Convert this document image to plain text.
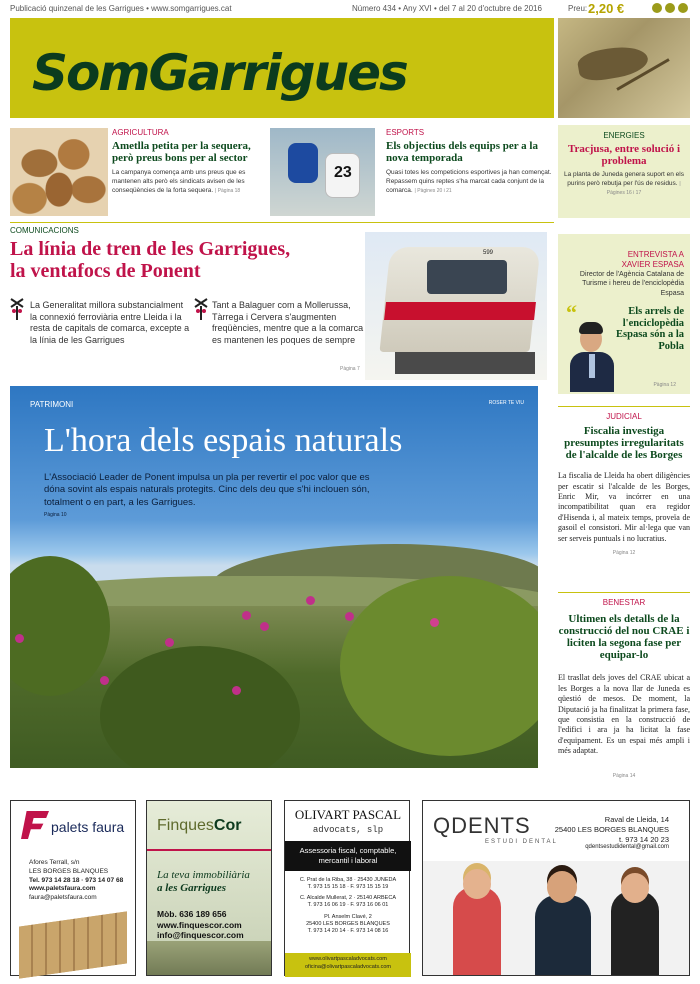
Publicació quinzenal de les Garrigues • www.somgarrigues.cat	Número 434 • Any XVI • del 7 al 20 d'octubre de 2016	Preu: 2,20 €
SomGarrigues
AGRICULTURA
Ametlla petita per la sequera, però preus bons per al sector
La campanya comença amb uns preus que es mantenen alts però els sindicats avisen de les conseqüències de la forta sequera. | Pàgina 18
23
ESPORTS
Els objectius dels equips per a la nova temporada
Quasi totes les competicions esportives ja han començat. Repassem quins reptes s'ha marcat cada conjunt de la comarca. | Pàgines 20 i 21
ENERGIES
Tracjusa, entre solució i problema
La planta de Juneda genera suport en els purins però rebutja per l'ús de residus. | Pàgines 16 i 17
COMUNICACIONS
La línia de tren de les Garrigues,
la ventafocs de Ponent
La Generalitat millora substancialment la connexió ferroviària entre Lleida i la resta de capitals de comarca, excepte a la línia de les Garrigues
Tant a Balaguer com a Mollerussa, Tàrrega i Cervera s'augmenten freqüències, mentre que a la comarca es mantenen les poques de sempre
Pàgina 7
599	ENTREVISTA A
XAVIER ESPASA
Director de l'Agència Catalana de Turisme i hereu de l'enciclopèdia Espasa
“	Els arrels de l'enciclopèdia Espasa són a la Pobla
Pàgina 12
PATRIMONI	ROSER TE VIU
L'hora dels espais naturals
L'Associació Leader de Ponent impulsa un pla per revertir el poc valor que es dóna sovint als espais naturals protegits. Cinc dels deu que s'hi inclouen són, totalment o en part, a les Garrigues.
Pàgina 10
JUDICIAL
Fiscalia investiga presumptes irregularitats de l'alcalde de les Borges
La fiscalia de Lleida ha obert diligències per escatir si l'alcalde de les Borges, Enric Mir, va incórrer en una incompatibilitat quan era regidor d'Hisenda i, al mateix temps, proveïa de gasoil el consistori. Mir al·lega que van ser serveis puntuals i no lucratius.
Pàgina 12
BENESTAR
Ultimen els detalls de la construcció del nou CRAE i liciten la segona fase per equipar-lo
El trasllat dels joves del CRAE ubicat a les Borges a la nova llar de Juneda es qüestió de mesos. De moment, la Diputació ja ha finalitzat la primera fase, que consistia en la construcció de l'edifici i ara ja ha licitat la fase d'equipament. Es un espai més ampli i més adaptat.
Pàgina 14
palets faura
Afores Terrall, s/n
LES BORGES BLANQUES
Tel. 973 14 28 18 · 973 14 07 68
www.paletsfaura.com
faura@paletsfaura.com
FinquesCor
La teva immobiliària
a les Garrigues
Mòb. 636 189 656
www.finquescor.com
info@finquescor.com
OLIVART PASCAL
advocats, slp
Assessoria fiscal, comptable,
mercantil i laboral
C. Prat de la Riba, 38 · 25430 JUNEDA
T. 973 15 15 18 · F. 973 15 15 19
C. Alcalde Mullerat, 2 · 25140 ARBECA
T. 973 16 06 19 · F. 973 16 06 01
Pl. Anselm Clavé, 2
25400 LES BORGES BLANQUES
T. 973 14 20 14 · F. 973 14 08 16
www.olivartpascaladvocats.com
oficina@olivartpascaladvocats.com
QDENTS
ESTUDI DENTAL
Raval de Lleida, 14
25400 LES BORGES BLANQUES
t. 973 14 20 23
qdentsestudidental@gmail.com
